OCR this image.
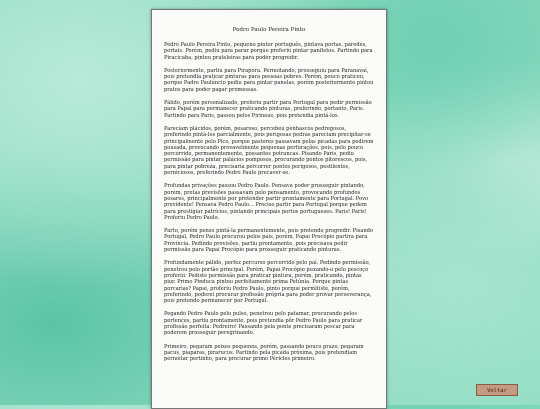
Pedro Paulo Pereira Pinto

Pedro Paulo Pereira Pinto, pequeno pintor português, pintava portas, paredes, portais. Porém, pediu para parar porque preferiu pintar panfletos. Partindo para Piracicaba, pintou prateleiras para poder progredir.

Posteriormente, partiu para Pirapora. Pernoitando, prosseguiu para Paranavaí, pois pretendia praticar pinturas para pessoas pobres. Porém, pouco praticou, porque Padre Paulúncio pediu para pintar panelas, porém posteriormente pintou pratos para poder pagar promessas.

Pálido, porém personalizado, preferiu partir para Portugal para pedir permissão para Papai para permanecer praticando pinturas, preferindo, portanto, Paris. Partindo para Paris, passou pelos Pirineus, pois pretendia pintá-los.

Pareciam plácidos, porém, pesaroso, percebeu penhascos pedregosos, preferindo pintá-los parcialmente, pois perigosas pedras pareciam precipitar-se principalmente pelo Pico, porque pastores passavam pelas picadas para pedirem pousada, provocando provavelmente pequenas perfurações, pois, pelo pouco percorrido, permanentemente, possantes potrancas. Pisando Paris, pediu permissão para pintar palácios pomposos, procurando pontos pitorescos, pois, para pintar pobreza, precisaria percorrer pontos perigosos, pestilentos, perniciosos, preferindo Pedro Paulo precaver-se.

Profundas privações passou Pedro Paulo. Pensava poder prosseguir pintando, porém, pretas previsões passavam pelo pensamento, provocando profundos pesares, principalmente por pretender partir prontamente para Portugal. Povo previdente! Pensava Pedro Paulo... Preciso partir para Portugal porque pedem para prestigiar patrícios, pintando principais portos portugueses. Paris! Paris! Proferiu Pedro Paulo.

Parto, porém penso pintá-la permanentemente, pois pretendo progredir. Pisando Portugal, Pedro Paulo procurou pelos pais, porém, Papai Procópio partira para Província. Pedindo provisões, partiu prontamente, pois precisava pedir permissão para Papai Procópio para prosseguir praticando pinturas.

Profundamente pálido, perfez percurso percorrido pelo pai. Pedindo permissão, penetrou pelo portão principal. Porém, Papai Procópio puxando-o pelo pescoço proferiu: Pediste permissão para praticar pintura, porém, praticando, pintas pior. Primo Pinduca pintou perfeitamente prima Petúnia. Porque pintas porcarias? Papai, proferiu Pedro Paulo, pinto porque permitiste, porém, preferindo, poderei procurar profissão própria para poder provar perseverança, pois pretendo permanecer por Portugal.

Pegando Pedro Paulo pelo pulso, penetrou pelo patamar, procurando pelos pertences, partiu prontamente, pois pretendia pôr Pedro Paulo para praticar profissão perfeita: Pedreiro! Passando pela ponte precisaram pescar para poderem prosseguir peregrinando.

Primeiro, pegaram peixes pequenos, porém, passando pouco prazo, pegaram pacus, piaparas, pirarucus. Partindo pela picada próxima, pois pretendiam pernoitar pertinho, para procurar primo Péricles primeiro.

Voltar
